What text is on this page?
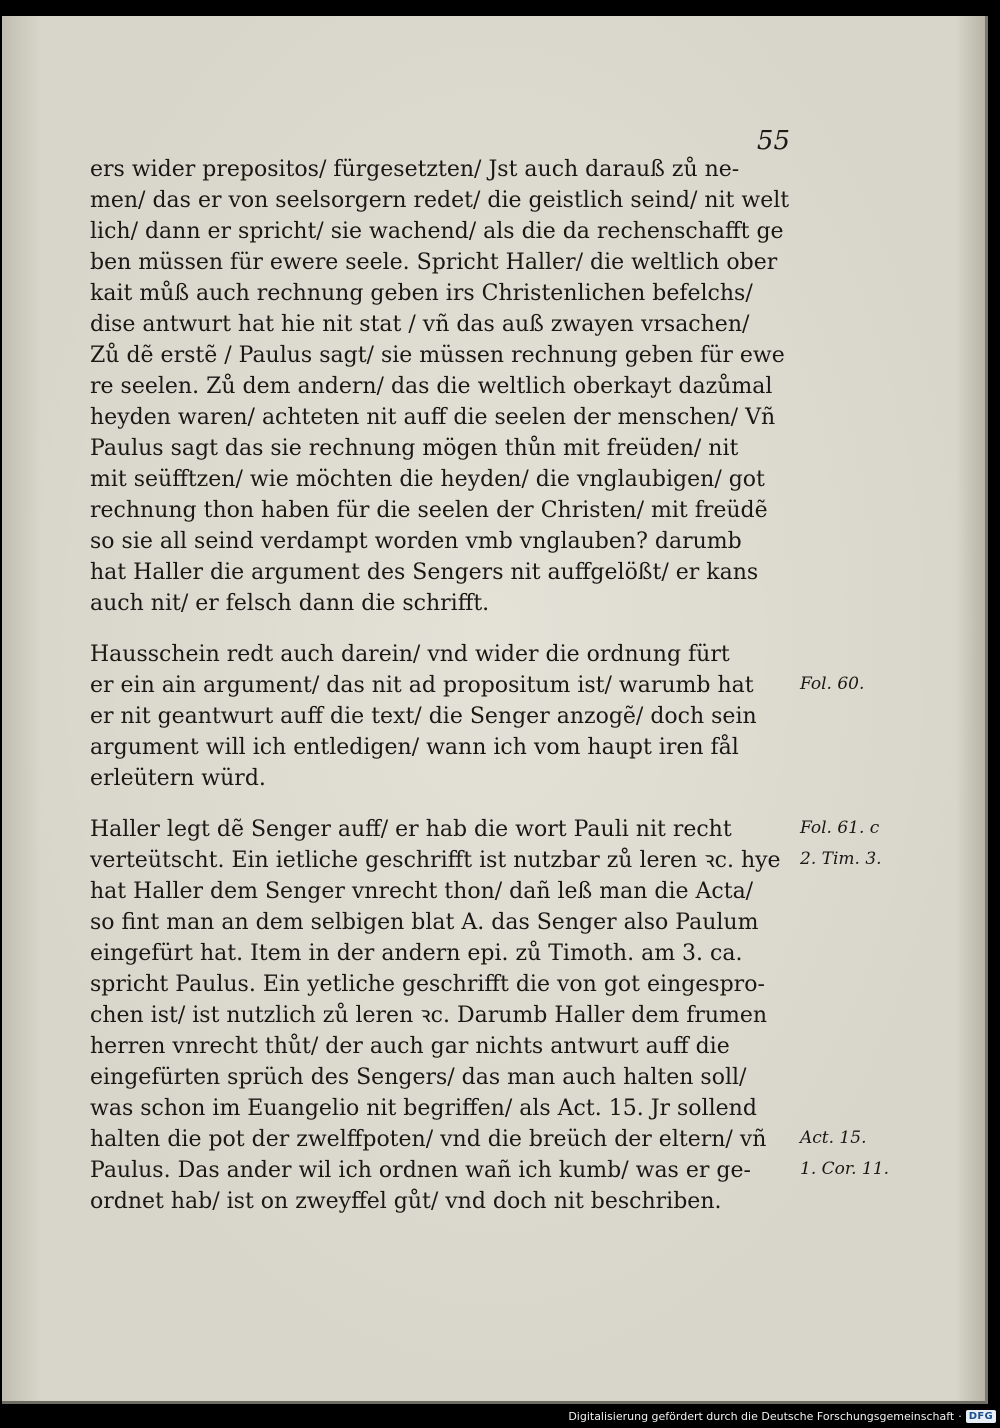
55
ers wider prepositos/ fürgesetzten/ Jst auch darauß zů ne-
men/ das er von seelsorgern redet/ die geistlich seind/ nit welt
lich/ dann er spricht/ sie wachend/ als die da rechenschafft ge
ben müssen für ewere seele. Spricht Haller/ die weltlich ober
kait můß auch rechnung geben irs Christenlichen befelchs/
dise antwurt hat hie nit stat / vñ das auß zwayen vrsachen/
Zů dẽ erstẽ / Paulus sagt/ sie müssen rechnung geben für ewe
re seelen. Zů dem andern/ das die weltlich oberkayt dazůmal
heyden waren/ achteten nit auff die seelen der menschen/ Vñ
Paulus sagt das sie rechnung mögen thůn mit freüden/ nit
mit seüfftzen/ wie möchten die heyden/ die vnglaubigen/ got
rechnung thon haben für die seelen der Christen/ mit freüdẽ
so sie all seind verdampt worden vmb vnglauben? darumb
hat Haller die argument des Sengers nit auffgelößt/ er kans
auch nit/ er felsch dann die schrifft.
Hausschein redt auch darein/ vnd wider die ordnung fürt
er ein ain argument/ das nit ad propositum ist/ warumb hat
er nit geantwurt auff die text/ die Senger anzogẽ/ doch sein
argument will ich entledigen/ wann ich vom haupt iren fål
erleütern würd.
Haller legt dẽ Senger auff/ er hab die wort Pauli nit recht
verteütscht. Ein ietliche geschrifft ist nutzbar zů leren ꝛc. hye
hat Haller dem Senger vnrecht thon/ dañ leß man die Acta/
so fint man an dem selbigen blat A. das Senger also Paulum
eingefürt hat. Item in der andern epi. zů Timoth. am 3. ca.
spricht Paulus. Ein yetliche geschrifft die von got eingespro-
chen ist/ ist nutzlich zů leren ꝛc. Darumb Haller dem frumen
herren vnrecht thůt/ der auch gar nichts antwurt auff die
eingefürten sprüch des Sengers/ das man auch halten soll/
was schon im Euangelio nit begriffen/ als Act. 15. Jr sollend
halten die pot der zwelffpoten/ vnd die breüch der eltern/ vñ
Paulus. Das ander wil ich ordnen wañ ich kumb/ was er ge-
ordnet hab/ ist on zweyffel gůt/ vnd doch nit beschriben.
Fol. 60.
Fol. 61. c
2. Tim. 3.
Act. 15.
1. Cor. 11.
Digitalisierung gefördert durch die Deutsche Forschungsgemeinschaft · DFG
